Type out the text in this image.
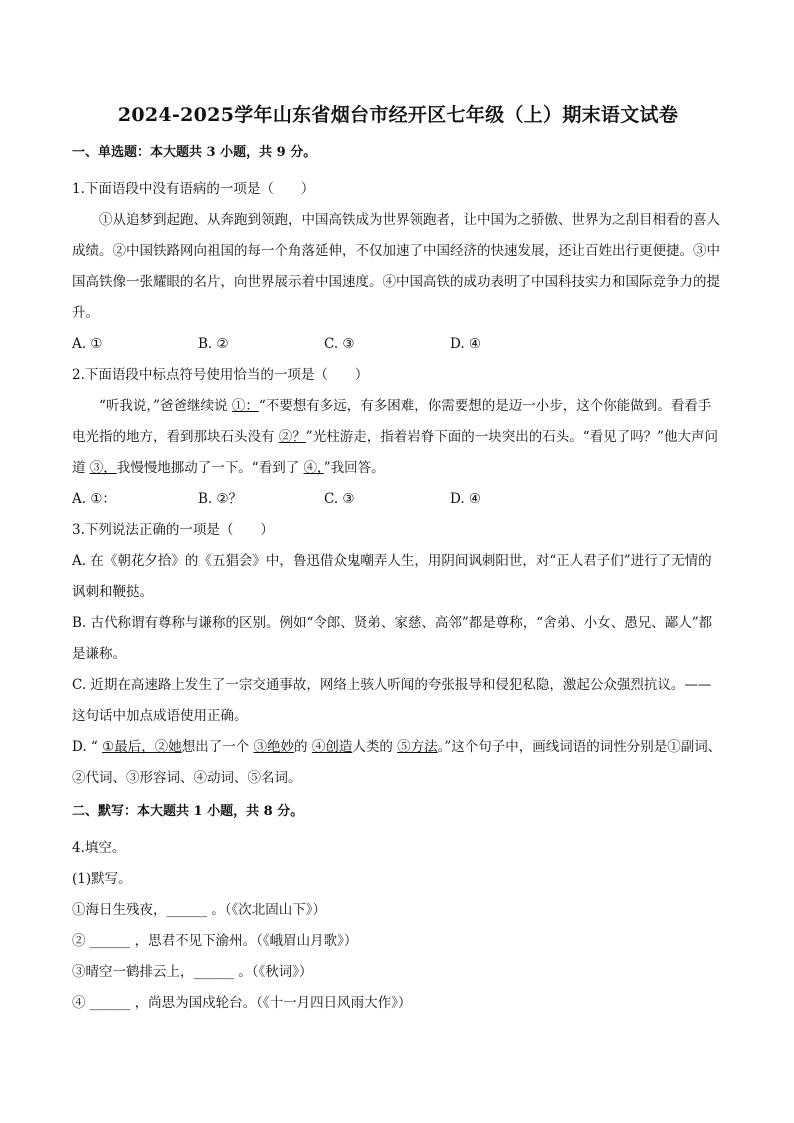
2024-2025学年山东省烟台市经开区七年级（上）期末语文试卷
一、单选题：本大题共 3 小题，共 9 分。

1.下面语段中没有语病的一项是（　　）

①从追梦到起跑、从奔跑到领跑，中国高铁成为世界领跑者，让中国为之骄傲、世界为之刮目相看的喜人成绩。②中国铁路网向祖国的每一个角落延伸，不仅加速了中国经济的快速发展，还让百姓出行更便捷。③中国高铁像一张耀眼的名片，向世界展示着中国速度。④中国高铁的成功表明了中国科技实力和国际竞争力的提升。

A. ①	B. ②	C. ③	D. ④

2.下面语段中标点符号使用恰当的一项是（　　）

“听我说，”爸爸继续说 ①：“不要想有多远，有多困难，你需要想的是迈一小步，这个你能做到。看看手电光指的地方，看到那块石头没有 ②？”光柱游走，指着岩脊下面的一块突出的石头。“看见了吗？”他大声问道 ③，我慢慢地挪动了一下。“看到了 ④，”我回答。

A. ①：	B. ②？	C. ③	D. ④

3.下列说法正确的一项是（　　）

A. 在《朝花夕拾》的《五猖会》中，鲁迅借众鬼嘲弄人生，用阴间讽刺阳世，对“正人君子们”进行了无情的讽刺和鞭挞。

B. 古代称谓有尊称与谦称的区别。例如“令郎、贤弟、家慈、高邻”都是尊称，“舍弟、小女、愚兄、鄙人”都是谦称。

C. 近期在高速路上发生了一宗交通事故，网络上骇人听闻的夸张报导和侵犯私隐，激起公众强烈抗议。——这句话中加点成语使用正确。

D. “ ①最后，②她想出了一个 ③绝妙的 ④创造人类的 ⑤方法。”这个句子中，画线词语的词性分别是①副词、②代词、③形容词、④动词、⑤名词。

二、默写：本大题共 1 小题，共 8 分。

4.填空。

(1)默写。

①海日生残夜，______ 。（《次北固山下》）

② ______ ，思君不见下渝州。（《峨眉山月歌》）

③晴空一鹤排云上，______ 。（《秋词》）

④ ______ ，尚思为国戍轮台。（《十一月四日风雨大作》）
